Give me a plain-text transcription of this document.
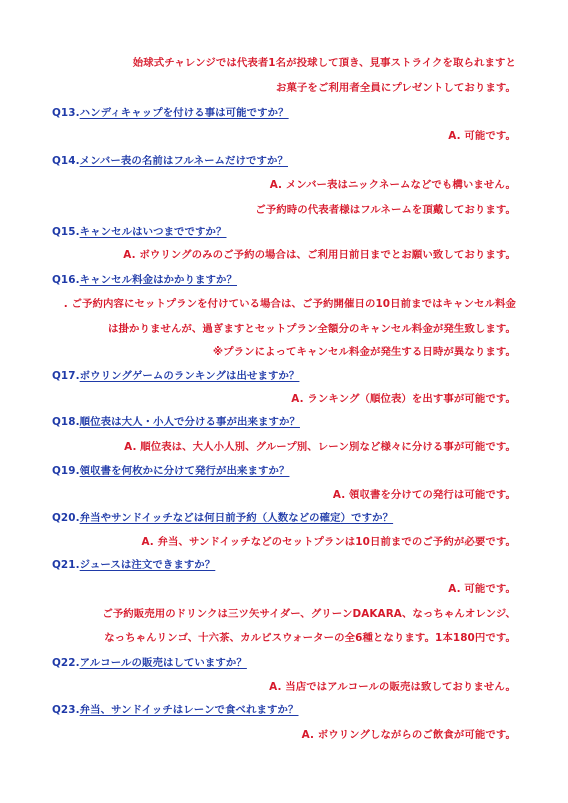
始球式チャレンジでは代表者1名が投球して頂き、見事ストライクを取られますと
お菓子をご利用者全員にプレゼントしております。
Q13.ハンディキャップを付ける事は可能ですか？
A. 可能です。
Q14.メンバー表の名前はフルネームだけですか？
A. メンバー表はニックネームなどでも構いません。
ご予約時の代表者様はフルネームを頂戴しております。
Q15.キャンセルはいつまでですか？
A. ボウリングのみのご予約の場合は、ご利用日前日までとお願い致しております。
Q16.キャンセル料金はかかりますか？
. ご予約内容にセットプランを付けている場合は、ご予約開催日の10日前まではキャンセル料金
は掛かりませんが、過ぎますとセットプラン全額分のキャンセル料金が発生致します。
※プランによってキャンセル料金が発生する日時が異なります。
Q17.ボウリングゲームのランキングは出せますか？
A. ランキング（順位表）を出す事が可能です。
Q18.順位表は大人・小人で分ける事が出来ますか？
A. 順位表は、大人小人別、グループ別、レーン別など様々に分ける事が可能です。
Q19.領収書を何枚かに分けて発行が出来ますか？
A. 領収書を分けての発行は可能です。
Q20.弁当やサンドイッチなどは何日前予約（人数などの確定）ですか？
A. 弁当、サンドイッチなどのセットプランは10日前までのご予約が必要です。
Q21.ジュースは注文できますか？
A. 可能です。
ご予約販売用のドリンクは三ツ矢サイダー、グリーンDAKARA、なっちゃんオレンジ、
なっちゃんリンゴ、十六茶、カルピスウォーターの全6種となります。1本180円です。
Q22.アルコールの販売はしていますか？
A. 当店ではアルコールの販売は致しておりません。
Q23.弁当、サンドイッチはレーンで食べれますか？
A. ボウリングしながらのご飲食が可能です。
